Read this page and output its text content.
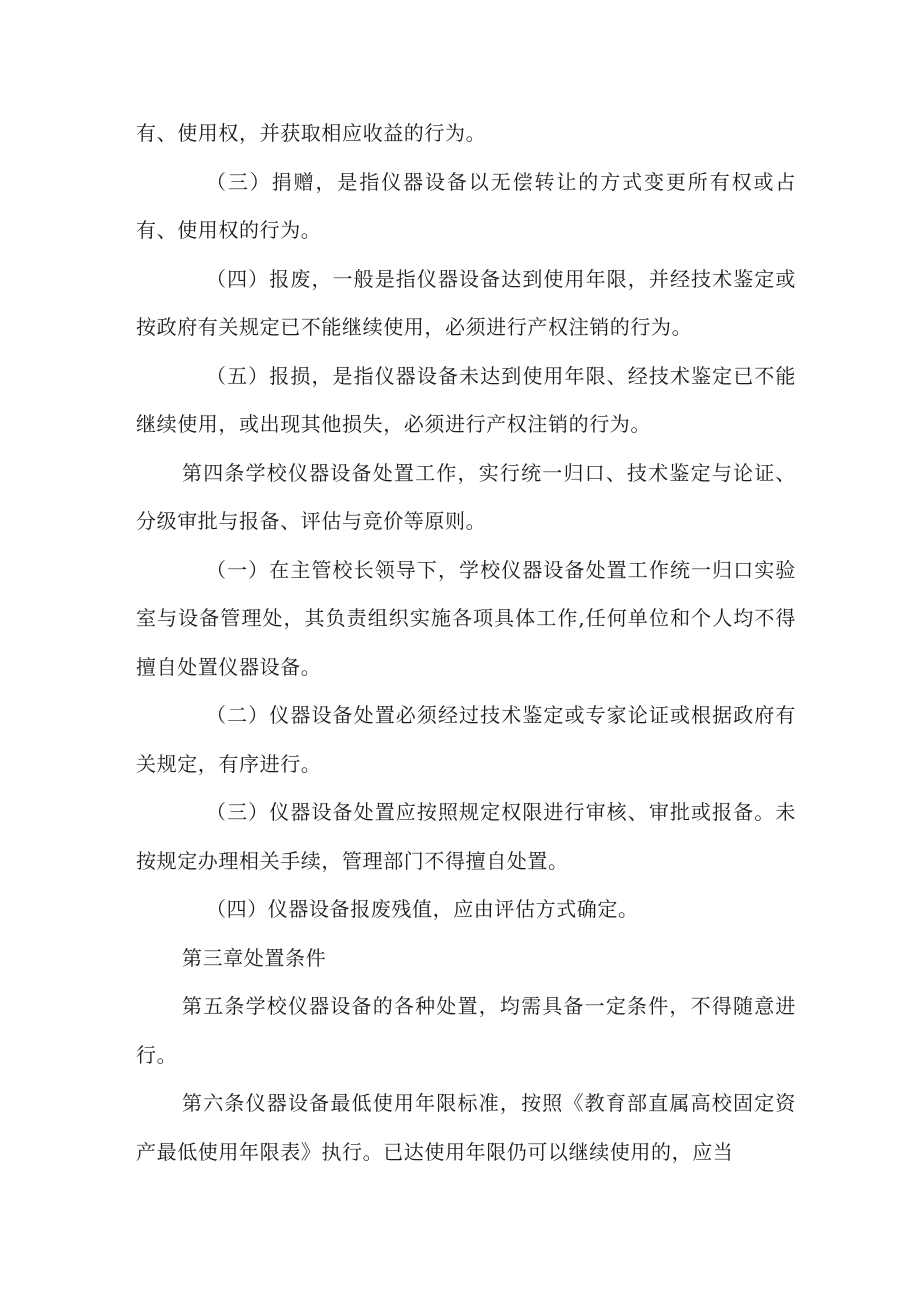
有、使用权，并获取相应收益的行为。

（三）捐赠，是指仪器设备以无偿转让的方式变更所有权或占有、使用权的行为。

（四）报废，一般是指仪器设备达到使用年限，并经技术鉴定或按政府有关规定已不能继续使用，必须进行产权注销的行为。

（五）报损，是指仪器设备未达到使用年限、经技术鉴定已不能继续使用，或出现其他损失，必须进行产权注销的行为。

第四条学校仪器设备处置工作，实行统一归口、技术鉴定与论证、分级审批与报备、评估与竞价等原则。

（一）在主管校长领导下，学校仪器设备处置工作统一归口实验室与设备管理处，其负责组织实施各项具体工作,任何单位和个人均不得擅自处置仪器设备。

（二）仪器设备处置必须经过技术鉴定或专家论证或根据政府有关规定，有序进行。

（三）仪器设备处置应按照规定权限进行审核、审批或报备。未按规定办理相关手续，管理部门不得擅自处置。

（四）仪器设备报废残值，应由评估方式确定。

第三章处置条件

第五条学校仪器设备的各种处置，均需具备一定条件，不得随意进行。

第六条仪器设备最低使用年限标准，按照《教育部直属高校固定资产最低使用年限表》执行。已达使用年限仍可以继续使用的，应当
